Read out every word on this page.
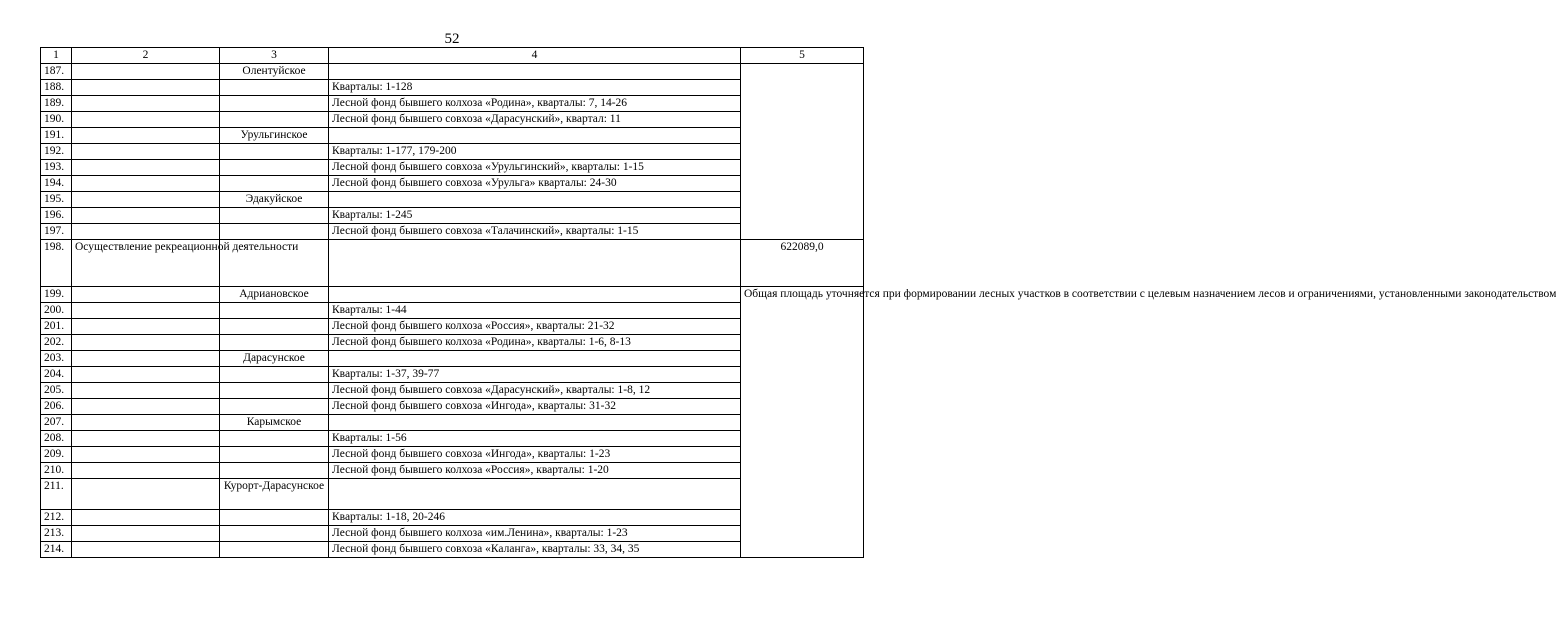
52
1	2	3	4	5
187.		Олентуйское		
188.			Кварталы: 1-128	
189.			Лесной фонд бывшего колхоза «Родина», кварталы: 7, 14-26	
190.			Лесной фонд бывшего совхоза «Дарасунский», квартал: 11	
191.		Урульгинское		
192.			Кварталы: 1-177, 179-200	
193.			Лесной фонд бывшего совхоза «Урульгинский», кварталы: 1-15	
194.			Лесной фонд бывшего совхоза «Урульга» кварталы: 24-30	
195.		Эдакуйское		
196.			Кварталы: 1-245	
197.			Лесной фонд бывшего совхоза «Талачинский», кварталы: 1-15	
198.	Осуществление рекреационной деятельности			622089,0
199.		Адриановское		Общая площадь уточняется при формировании лесных участков в соответствии с целевым назначением лесов и ограничениями, установленными законодательством
200.			Кварталы: 1-44	
201.			Лесной фонд бывшего колхоза «Россия», кварталы: 21-32	
202.			Лесной фонд бывшего колхоза «Родина», кварталы: 1-6, 8-13	
203.		Дарасунское		
204.			Кварталы: 1-37, 39-77	
205.			Лесной фонд бывшего совхоза «Дарасунский», кварталы: 1-8, 12	
206.			Лесной фонд бывшего совхоза «Ингода», кварталы: 31-32	
207.		Карымское		
208.			Кварталы: 1-56	
209.			Лесной фонд бывшего совхоза «Ингода», кварталы: 1-23	
210.			Лесной фонд бывшего колхоза «Россия», кварталы: 1-20	
211.		Курорт-Дарасунское		
212.			Кварталы: 1-18, 20-246	
213.			Лесной фонд бывшего колхоза «им.Ленина», кварталы: 1-23	
214.			Лесной фонд бывшего совхоза «Каланга», кварталы: 33, 34, 35	
